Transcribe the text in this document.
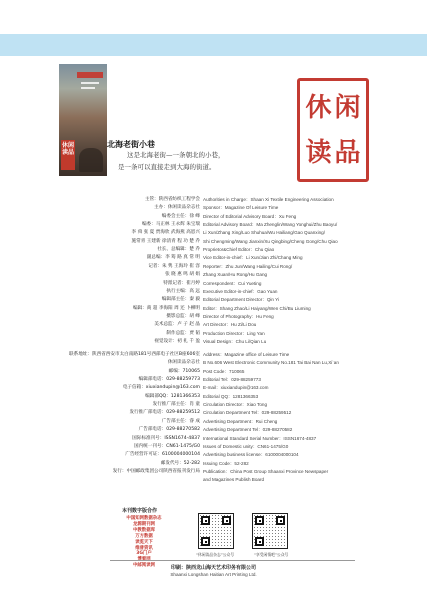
休闲读品
休 闲
读 品
北海老街小巷
这是北海老街—一条朝北的小巷，
是一条可以直接走到大海的街道。
主管：陕西省纺织工程学会 Authorities in Charge：Shaan Xi Textile Engineering Association
主办：休闲读品杂志社 Sponsor：Magazine Of Leisure Time
编委会主任：徐 峰 Director of Editorial Advisory Board：Xu Feng
编委：马正林 王永辉 朱宝瑞 Editorial Advisory Board：Ma Zhenglin/Wang Yonghui/Zhu Baoyu/
李 舜 张 夏 贾海欣 武海燕 高恩兴 Li Xun/Zhang Xing/Luo Shuhua/Wu Hailiang/Gao Quanxing/
施常青 王建新 徐清青 程 功 楚 乔 Shi Chengming/Wang Jianxin/Xu Qingbing/Cheng Gong/Chu Qiao
社长、总编辑：楚 乔 Proprietor&Chief Editor：Chu Qiao
副总编：李 筠 路 真 常 明 Vice Editor-in-chief：Li Xun/Jian Zhi/Chang Ming
记者：朱 隽 王海玲 崔 容 Reporter：Zhu Jun/Wang Hailing/Cui Rong/
张 晓 惠 鸣 胡 娟 Zhang Xuan/Hu Rong/Hu Gang
特派记者：崔月婷 Correspondent：Cui Yueting
执行主编：高 远 Executive Editor-in-chief：Gao Yuan
编辑部主任：秦 毅 Editorial Department Director：Qin Yi
编辑：商 超 李海阳 周 还 卜柳明 Editor：Shang Zhao/Li Haiyang/Wen Chi/Bu Liuming
摄影总监：胡 峰 Director of Photography：Hu Feng
美术总监：卢 子 赵 晶 Art Director：Hu Zi/Li Dou
制作总监：贾 韬 Production Director：Ling Yan
视觉设计：初 礼 千 盈 Visual Design：Chu Li/Qian Lu
联系地址：陕西省西安市太白南路181号西部电子社区B座606室 Address：Magazine office of Leisure Time
休闲读品杂志社 B No.606 West Electronic Community No.181 Tai Bai Nan Lu,Xi`an
邮编：710065 Post Code：710065
编辑部电话：029-88259773 Editorial Tel：029-88259773
电子信箱：xiuxiandupin@163.com E-mail：xiuxiandupin@163.com
编辑部QQ：1281366353 Editorial QQ：1281366353
发行推广部主任：肖 童 Circulation Director：Xiao Tong
发行推广部电话：029-88259512 Circulation Department Tel：029-88259512
广告部主任：睿 成 Advertising Department：Rui Cheng
广告部电话：029-88270582 Advertising Department Tel：029-88270582
国际标准刊号：ISSN1674-4837 International Standard Serial Number：ISSN1674-4837
国内统一刊号：CN61-1475/G0 Issues of Domestic unity：CN61-1475/G0
广告经营许可证：6100004000104 Advertising business license：6100004000104
邮发代号：52-282 Issuing Code：52-282
发行：中国邮政集团公司陕西省报刊发行局 Publication：China Post Group Shaanxi Province Newspaper
and Magazines Publish Board
本刊数字版合作
中国知网数据杂志
龙源期刊网
中教数据库
万方数据
读览天下
维普资讯
3G门户
博看网
中邮阅读网
“休闲读品杂志”公众号	“享受闲情吧”公众号
印刷：陕西龙山海天艺术印务有限公司
Shaanxi Longshan Haitian Art Printing Ltd.
